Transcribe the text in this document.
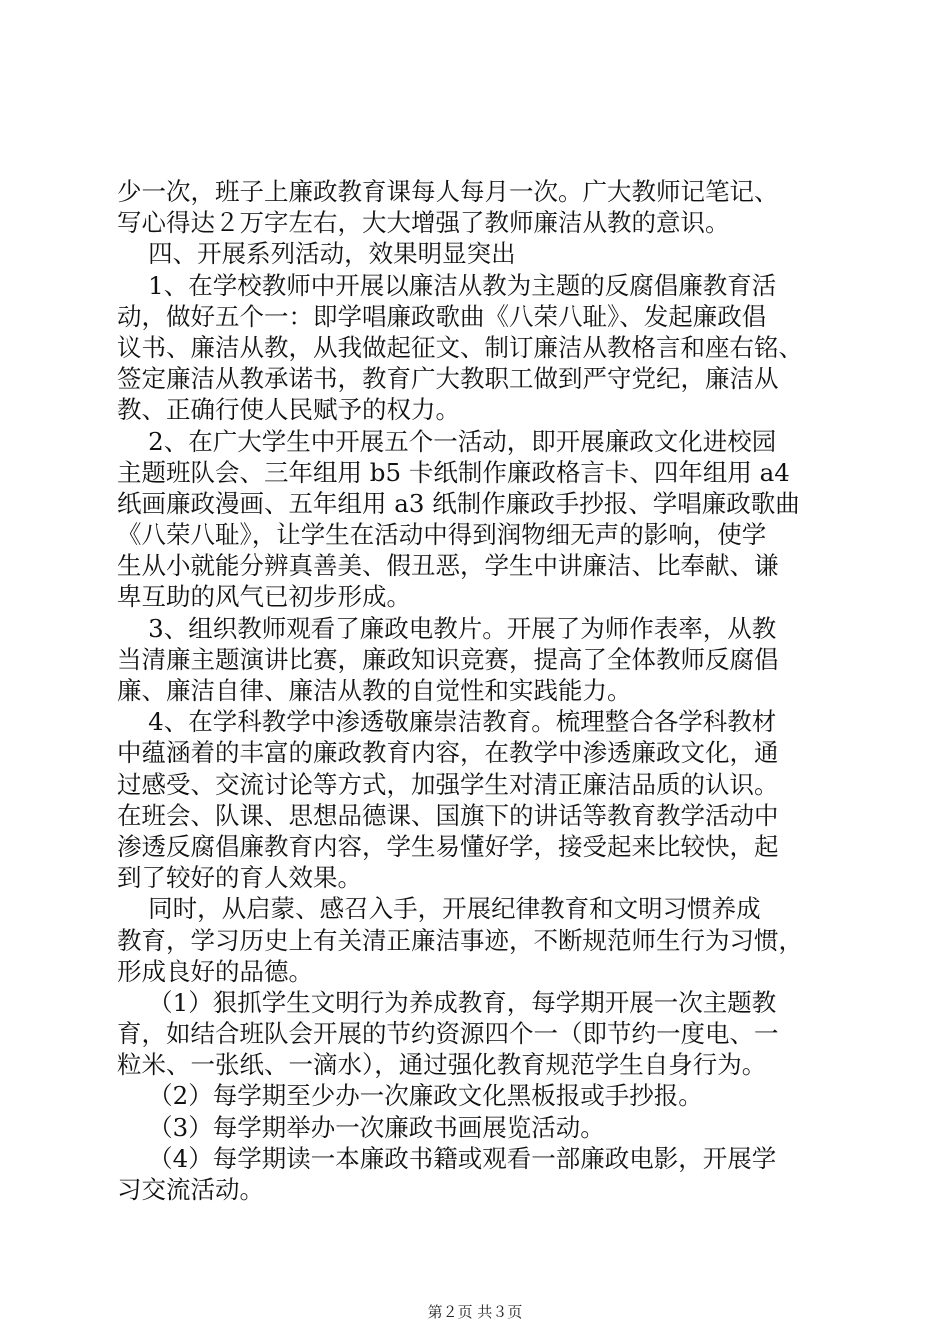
少一次，班子上廉政教育课每人每月一次。广大教师记笔记、
写心得达２万字左右，大大增强了教师廉洁从教的意识。
四、开展系列活动，效果明显突出
1、在学校教师中开展以廉洁从教为主题的反腐倡廉教育活
动，做好五个一：即学唱廉政歌曲《八荣八耻》、发起廉政倡
议书、廉洁从教，从我做起征文、制订廉洁从教格言和座右铭、
签定廉洁从教承诺书，教育广大教职工做到严守党纪，廉洁从
教、正确行使人民赋予的权力。
2、在广大学生中开展五个一活动，即开展廉政文化进校园
主题班队会、三年组用 b5 卡纸制作廉政格言卡、四年组用 a4
纸画廉政漫画、五年组用 a3 纸制作廉政手抄报、学唱廉政歌曲
《八荣八耻》，让学生在活动中得到润物细无声的影响，使学
生从小就能分辨真善美、假丑恶，学生中讲廉洁、比奉献、谦
卑互助的风气已初步形成。
3、组织教师观看了廉政电教片。开展了为师作表率，从教
当清廉主题演讲比赛，廉政知识竞赛，提高了全体教师反腐倡
廉、廉洁自律、廉洁从教的自觉性和实践能力。
4、在学科教学中渗透敬廉崇洁教育。梳理整合各学科教材
中蕴涵着的丰富的廉政教育内容，在教学中渗透廉政文化，通
过感受、交流讨论等方式，加强学生对清正廉洁品质的认识。
在班会、队课、思想品德课、国旗下的讲话等教育教学活动中
渗透反腐倡廉教育内容，学生易懂好学，接受起来比较快，起
到了较好的育人效果。
同时，从启蒙、感召入手，开展纪律教育和文明习惯养成
教育，学习历史上有关清正廉洁事迹，不断规范师生行为习惯，
形成良好的品德。
（1）狠抓学生文明行为养成教育，每学期开展一次主题教
育，如结合班队会开展的节约资源四个一（即节约一度电、一
粒米、一张纸、一滴水），通过强化教育规范学生自身行为。
（2）每学期至少办一次廉政文化黑板报或手抄报。
（3）每学期举办一次廉政书画展览活动。
（4）每学期读一本廉政书籍或观看一部廉政电影，开展学
习交流活动。
第２页 共３页
